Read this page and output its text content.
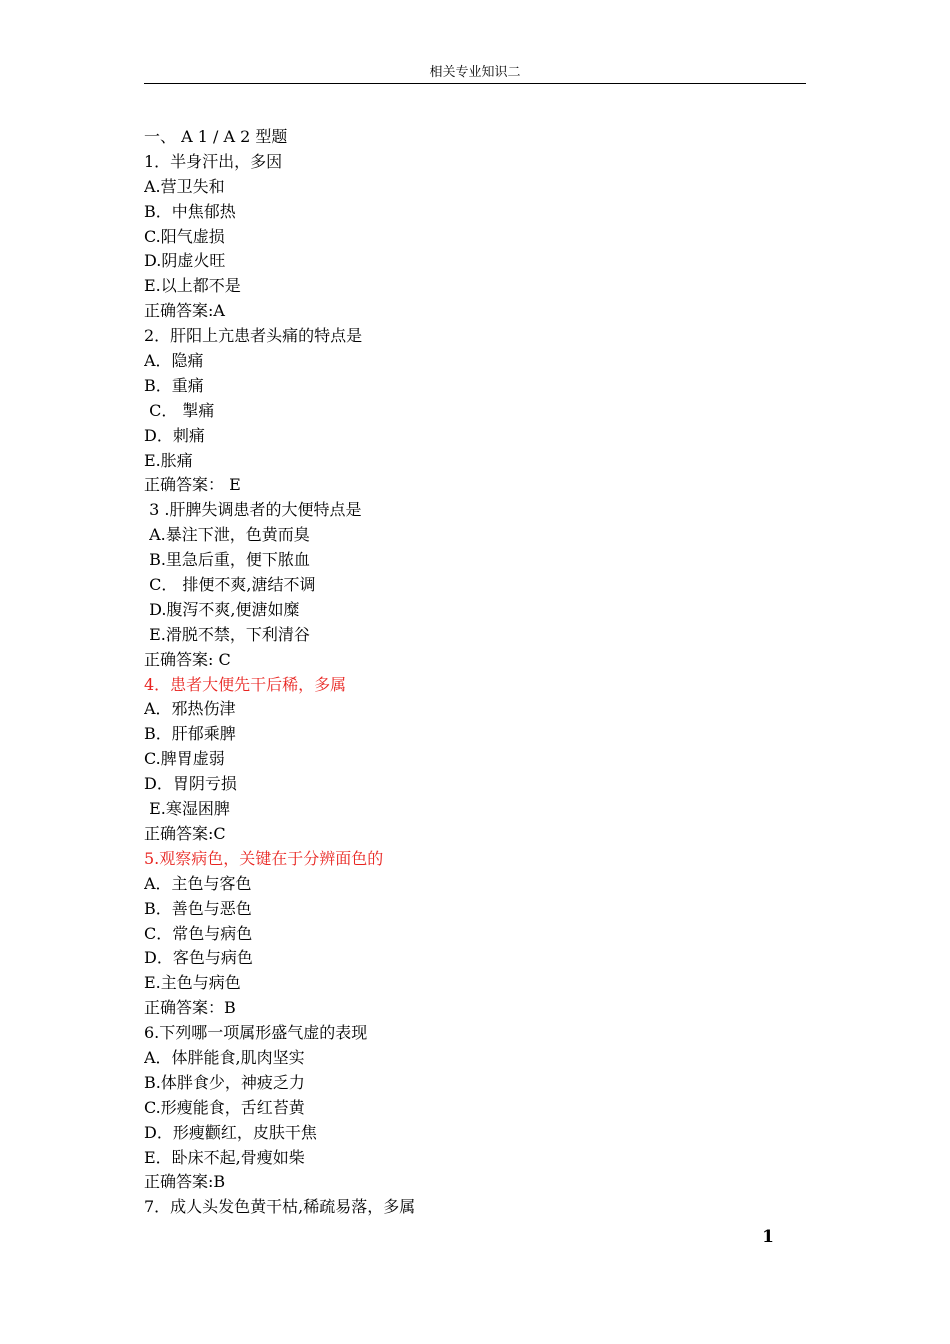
相关专业知识二
一、 A 1 / A 2 型题
1．半身汗出，多因
A.营卫失和
B．中焦郁热
C.阳气虚损
D.阴虚火旺
E.以上都不是
正确答案:A
2．肝阳上亢患者头痛的特点是
A．隐痛
B．重痛
C． 掣痛
D．刺痛
E.胀痛
正确答案： E
3 .肝脾失调患者的大便特点是
A.暴注下泄，色黄而臭
B.里急后重，便下脓血
C． 排便不爽,溏结不调
D.腹泻不爽,便溏如糜
E.滑脱不禁，下利清谷
正确答案: C
4．患者大便先干后稀，多属
A．邪热伤津
B．肝郁乘脾
C.脾胃虚弱
D．胃阴亏损
E.寒湿困脾
正确答案:C
5.观察病色，关键在于分辨面色的
A．主色与客色
B．善色与恶色
C．常色与病色
D．客色与病色
E.主色与病色
正确答案：B
6.下列哪一项属形盛气虚的表现
A．体胖能食,肌肉坚实
B.体胖食少，神疲乏力
C.形瘦能食，舌红苔黄
D．形瘦颧红，皮肤干焦
E．卧床不起,骨瘦如柴
正确答案:B
7．成人头发色黄干枯,稀疏易落，多属
1
